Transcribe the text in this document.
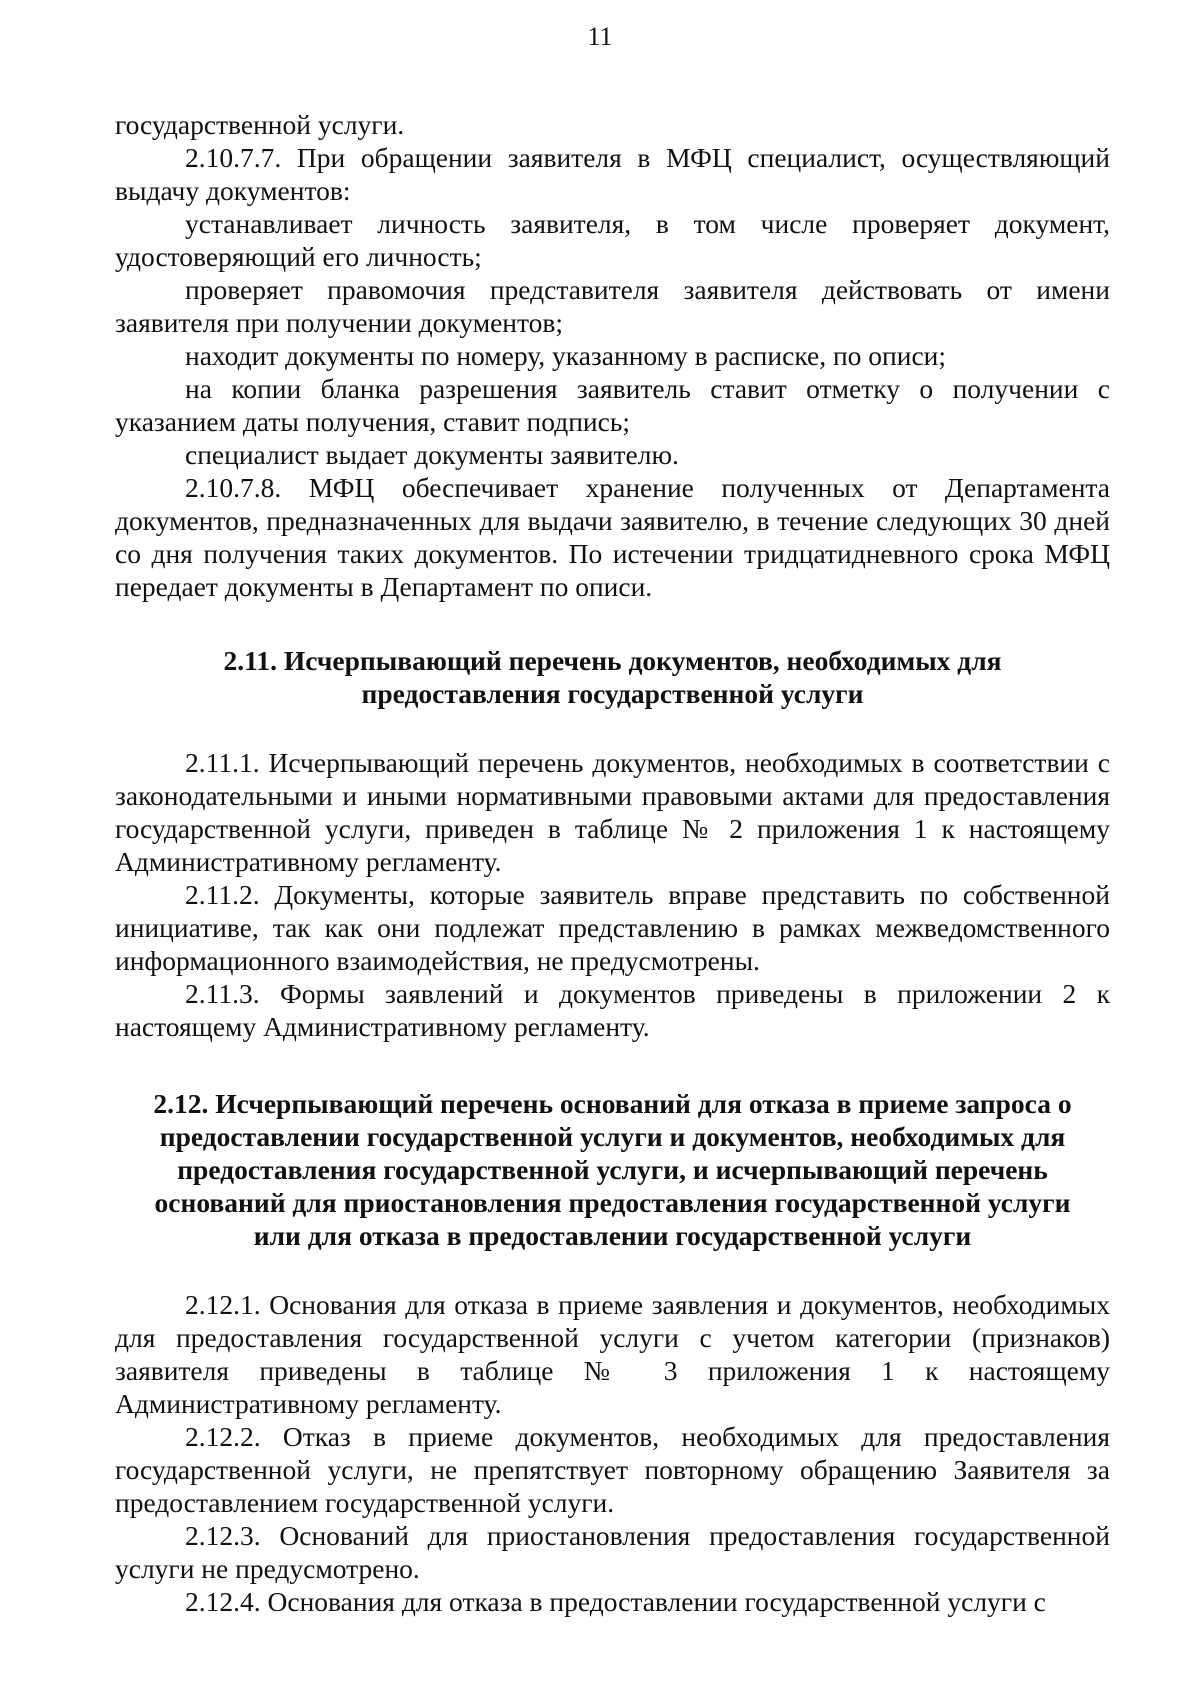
11

государственной услуги.

2.10.7.7. При обращении заявителя в МФЦ специалист, осуществляющий выдачу документов:

устанавливает личность заявителя, в том числе проверяет документ, удостоверяющий его личность;

проверяет правомочия представителя заявителя действовать от имени заявителя при получении документов;

находит документы по номеру, указанному в расписке, по описи;

на копии бланка разрешения заявитель ставит отметку о получении с указанием даты получения, ставит подпись;

специалист выдает документы заявителю.

2.10.7.8. МФЦ обеспечивает хранение полученных от Департамента документов, предназначенных для выдачи заявителю, в течение следующих 30 дней со дня получения таких документов. По истечении тридцатидневного срока МФЦ передает документы в Департамент по описи.

2.11. Исчерпывающий перечень документов, необходимых для
предоставления государственной услуги

2.11.1. Исчерпывающий перечень документов, необходимых в соответствии с законодательными и иными нормативными правовыми актами для предоставления государственной услуги, приведен в таблице № 2 приложения 1 к настоящему Административному регламенту.

2.11.2. Документы, которые заявитель вправе представить по собственной инициативе, так как они подлежат представлению в рамках межведомственного информационного взаимодействия, не предусмотрены.

2.11.3. Формы заявлений и документов приведены в приложении 2 к настоящему Административному регламенту.

2.12. Исчерпывающий перечень оснований для отказа в приеме запроса о
предоставлении государственной услуги и документов, необходимых для
предоставления государственной услуги, и исчерпывающий перечень
оснований для приостановления предоставления государственной услуги
или для отказа в предоставлении государственной услуги

2.12.1. Основания для отказа в приеме заявления и документов, необходимых для предоставления государственной услуги с учетом категории (признаков) заявителя приведены в таблице № 3 приложения 1 к настоящему Административному регламенту.

2.12.2. Отказ в приеме документов, необходимых для предоставления государственной услуги, не препятствует повторному обращению Заявителя за предоставлением государственной услуги.

2.12.3. Оснований для приостановления предоставления государственной услуги не предусмотрено.

2.12.4. Основания для отказа в предоставлении государственной услуги с
